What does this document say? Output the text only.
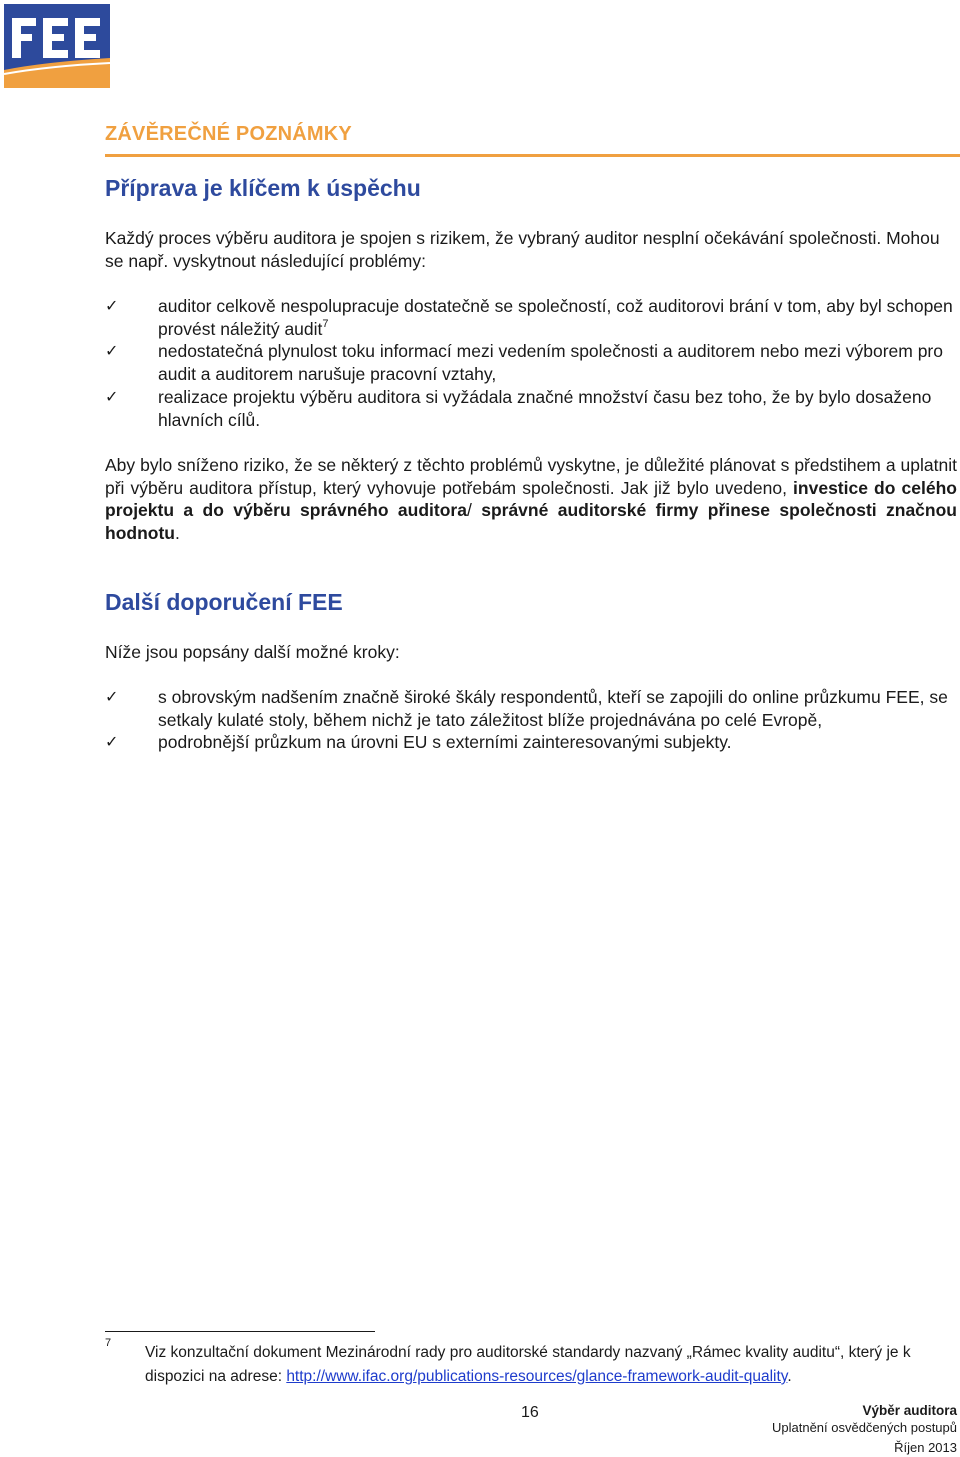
ZÁVĚREČNÉ POZNÁMKY
Příprava je klíčem k úspěchu
Každý proces výběru auditora je spojen s rizikem, že vybraný auditor nesplní očekávání společnosti. Mohou se např. vyskytnout následující problémy:
✓ auditor celkově nespolupracuje dostatečně se společností, což auditorovi brání v tom, aby byl schopen provést náležitý audit$^7$
✓ nedostatečná plynulost toku informací mezi vedením společnosti a auditorem nebo mezi výborem pro audit a auditorem narušuje pracovní vztahy,
✓ realizace projektu výběru auditora si vyžádala značné množství času bez toho, že by bylo dosaženo hlavních cílů.
Aby bylo sníženo riziko, že se některý z těchto problémů vyskytne, je důležité plánovat s předstihem a uplatnit při výběru auditora přístup, který vyhovuje potřebám společnosti. Jak již bylo uvedeno, investice do celého projektu a do výběru správného auditora/ správné auditorské firmy přinese společnosti značnou hodnotu.
Další doporučení FEE
Níže jsou popsány další možné kroky:
✓ s obrovským nadšením značně široké škály respondentů, kteří se zapojili do online průzkumu FEE, se setkaly kulaté stoly, během nichž je tato záležitost blíže projednávána po celé Evropě,
✓ podrobnější průzkum na úrovni EU s externími zainteresovanými subjekty.
7
Viz konzultační dokument Mezinárodní rady pro auditorské standardy nazvaný „Rámec kvality auditu“, který je k dispozici na adrese: http://www.ifac.org/publications-resources/glance-framework-audit-quality.
16	Výběr auditora
Uplatnění osvědčených postupů
Říjen 2013
